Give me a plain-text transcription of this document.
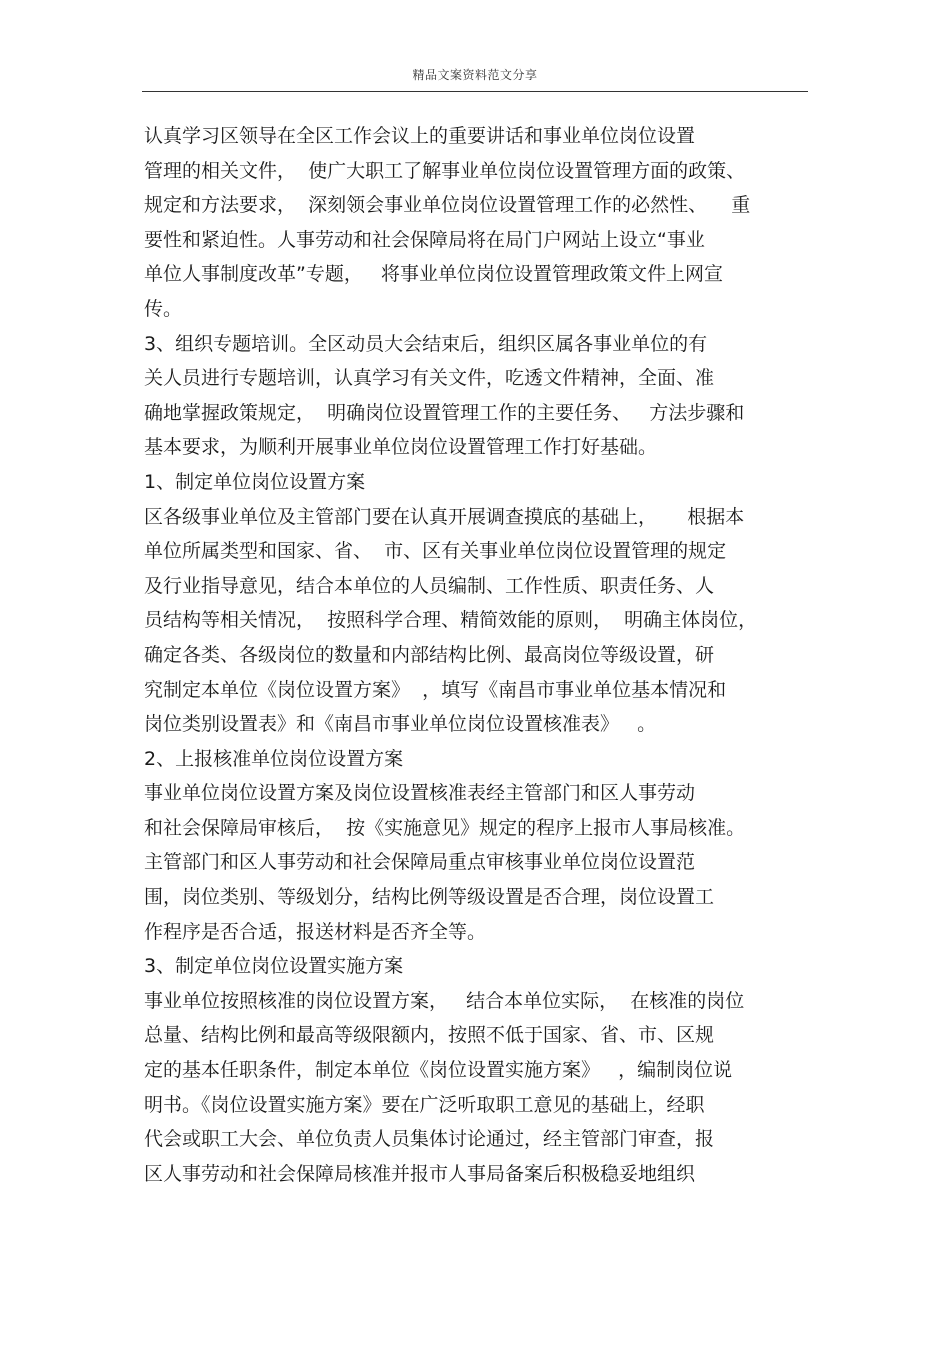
精品文案资料范文分享
认真学习区领导在全区工作会议上的重要讲话和事业单位岗位设置
管理的相关文件，  使广大职工了解事业单位岗位设置管理方面的政策、
规定和方法要求，  深刻领会事业单位岗位设置管理工作的必然性、    重
要性和紧迫性。人事劳动和社会保障局将在局门户网站上设立“事业
单位人事制度改革”专题，   将事业单位岗位设置管理政策文件上网宣
传。
3、组织专题培训。全区动员大会结束后，组织区属各事业单位的有
关人员进行专题培训，认真学习有关文件，吃透文件精神，全面、准
确地掌握政策规定，  明确岗位设置管理工作的主要任务、   方法步骤和
基本要求，为顺利开展事业单位岗位设置管理工作打好基础。
1、制定单位岗位设置方案
区各级事业单位及主管部门要在认真开展调查摸底的基础上，     根据本
单位所属类型和国家、省、  市、区有关事业单位岗位设置管理的规定
及行业指导意见，结合本单位的人员编制、工作性质、职责任务、人
员结构等相关情况，  按照科学合理、精简效能的原则，  明确主体岗位，
确定各类、各级岗位的数量和内部结构比例、最高岗位等级设置，研
究制定本单位《岗位设置方案》  ，填写《南昌市事业单位基本情况和
岗位类别设置表》和《南昌市事业单位岗位设置核准表》   。
2、上报核准单位岗位设置方案
事业单位岗位设置方案及岗位设置核准表经主管部门和区人事劳动
和社会保障局审核后，  按《实施意见》规定的程序上报市人事局核准。
主管部门和区人事劳动和社会保障局重点审核事业单位岗位设置范
围，岗位类别、等级划分，结构比例等级设置是否合理，岗位设置工
作程序是否合适，报送材料是否齐全等。
3、制定单位岗位设置实施方案
事业单位按照核准的岗位设置方案，   结合本单位实际，  在核准的岗位
总量、结构比例和最高等级限额内，按照不低于国家、省、市、区规
定的基本任职条件，制定本单位《岗位设置实施方案》   ，编制岗位说
明书。《岗位设置实施方案》要在广泛听取职工意见的基础上，经职
代会或职工大会、单位负责人员集体讨论通过，经主管部门审查，报
区人事劳动和社会保障局核准并报市人事局备案后积极稳妥地组织
